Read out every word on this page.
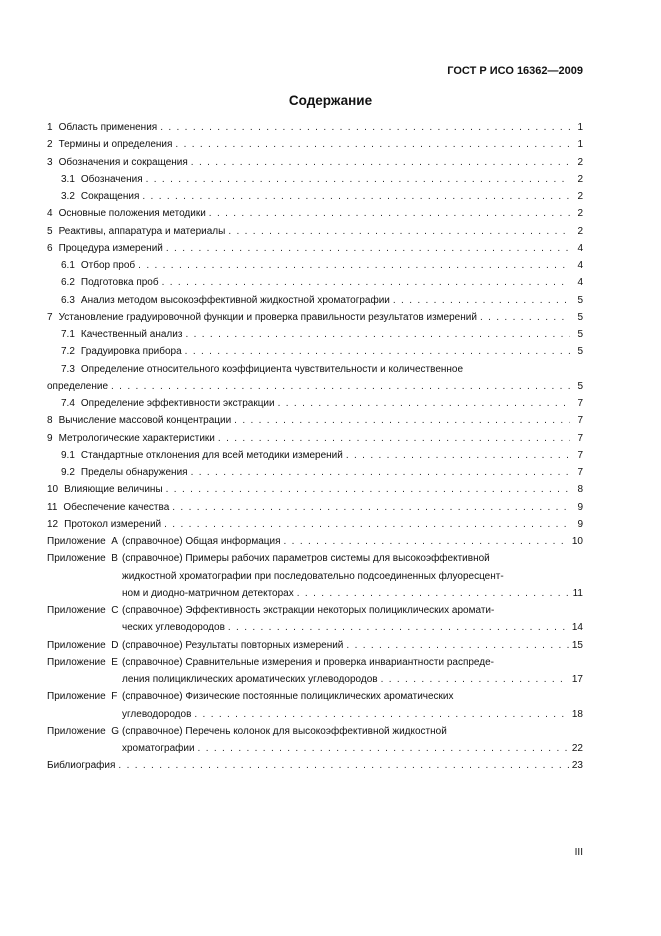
ГОСТ Р ИСО 16362—2009
Содержание
1 Область применения . . .	1
2 Термины и определения . . .	1
3 Обозначения и сокращения . . .	2
3.1 Обозначения . . .	2
3.2 Сокращения . . .	2
4 Основные положения методики . . .	2
5 Реактивы, аппаратура и материалы . . .	2
6 Процедура измерений . . .	4
6.1 Отбор проб . . .	4
6.2 Подготовка проб . . .	4
6.3 Анализ методом высокоэффективной жидкостной хроматографии . . .	5
7 Установление градуировочной функции и проверка правильности результатов измерений . . .	5
7.1 Качественный анализ . . .	5
7.2 Градуировка прибора . . .	5
7.3 Определение относительного коэффициента чувствительности и количественное
определение . . .	5
7.4 Определение эффективности экстракции . . .	7
8 Вычисление массовой концентрации . . .	7
9 Метрологические характеристики . . .	7
9.1 Стандартные отклонения для всей методики измерений . . .	7
9.2 Пределы обнаружения . . .	7
10 Влияющие величины . . .	8
11 Обеспечение качества . . .	9
12 Протокол измерений . . .	9
Приложение A (справочное) Общая информация . . .	10
Приложение B (справочное) Примеры рабочих параметров системы для высокоэффективной
жидкостной хроматографии при последовательно подсоединенных флуоресцент-
ном и диодно-матричном детекторах . . .	11
Приложение C (справочное) Эффективность экстракции некоторых полициклических аромати-
ческих углеводородов . . .	14
Приложение D (справочное) Результаты повторных измерений . . .	15
Приложение E (справочное) Сравнительные измерения и проверка инвариантности распреде-
ления полициклических ароматических углеводородов . . .	17
Приложение F (справочное) Физические постоянные полициклических ароматических
углеводородов . . .	18
Приложение G (справочное) Перечень колонок для высокоэффективной жидкостной
хроматографии . . .	22
Библиография . . .	23
III
